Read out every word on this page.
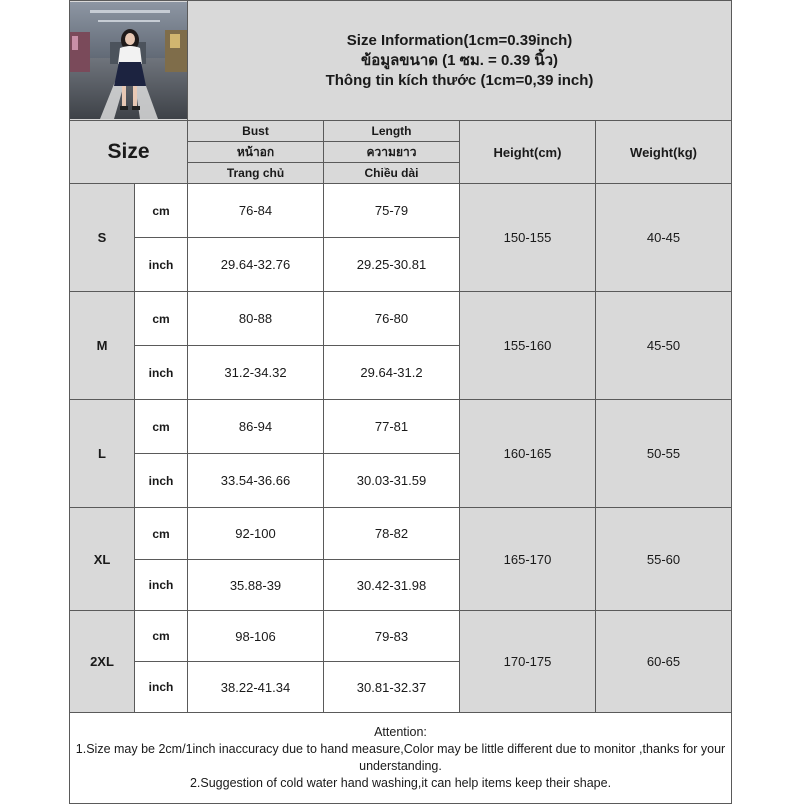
Size Information(1cm=0.39inch)
ข้อมูลขนาด (1 ซม. = 0.39 นิ้ว)
Thông tin kích thước (1cm=0,39 inch)			

Size		Bust	Length	Height(cm)	Weight(kg)
		หน้าอก	ความยาว		
		Trang chủ	Chiều dài		
S	cm	76-84	75-79	150-155	40-45
	inch	29.64-32.76	29.25-30.81		
M	cm	80-88	76-80	155-160	45-50
	inch	31.2-34.32	29.64-31.2		
L	cm	86-94	77-81	160-165	50-55
	inch	33.54-36.66	30.03-31.59		
XL	cm	92-100	78-82	165-170	55-60
	inch	35.88-39	30.42-31.98		
2XL	cm	98-106	79-83	170-175	60-65
	inch	38.22-41.34	30.81-32.37		

Attention:
1.Size may be 2cm/1inch inaccuracy due to hand measure,Color may be little different due to monitor ,thanks for your understanding.
2.Suggestion of cold water hand washing,it can help items keep their shape.					
